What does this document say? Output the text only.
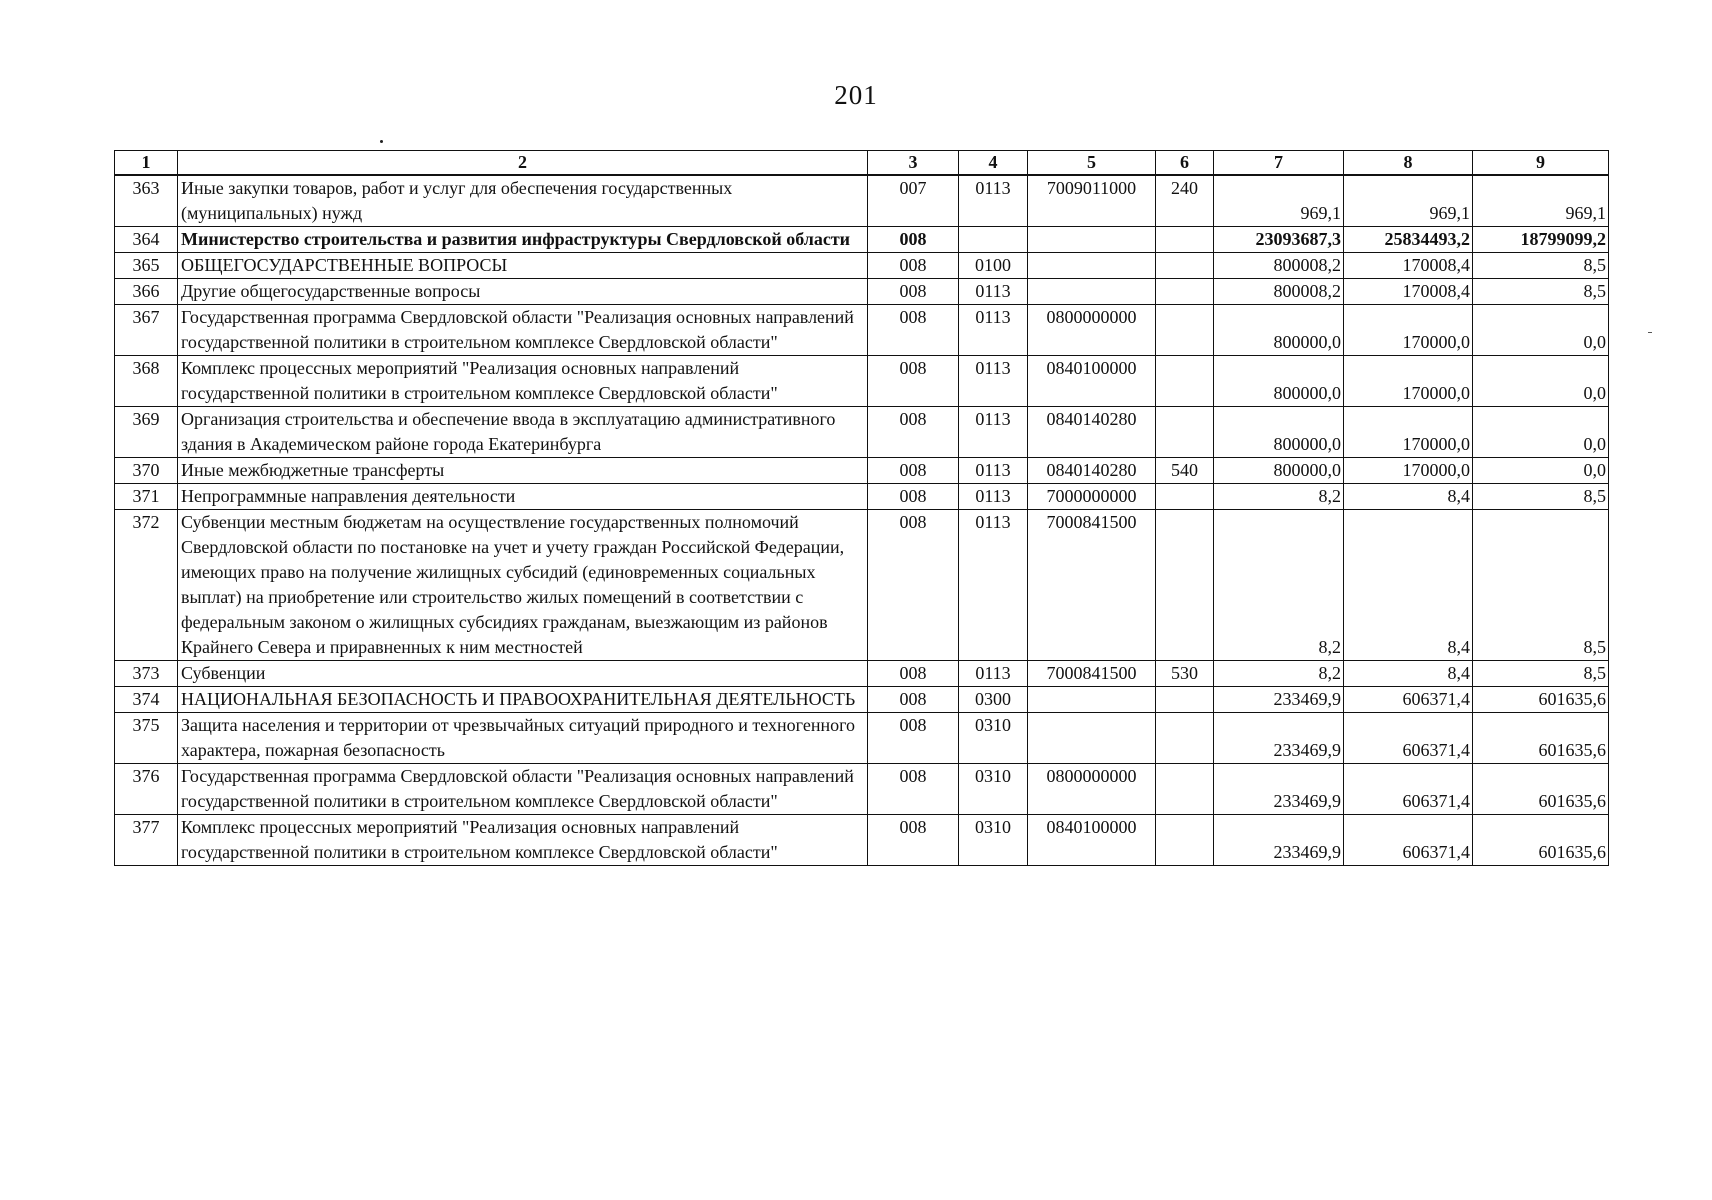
201
1	2	3	4	5	6	7	8	9
363	Иные закупки товаров, работ и услуг для обеспечения государственных (муниципальных) нужд	007	0113	7009011000	240	969,1	969,1	969,1
364	Министерство строительства и развития инфраструктуры Свердловской области	008				23093687,3	25834493,2	18799099,2
365	ОБЩЕГОСУДАРСТВЕННЫЕ ВОПРОСЫ	008	0100			800008,2	170008,4	8,5
366	Другие общегосударственные вопросы	008	0113			800008,2	170008,4	8,5
367	Государственная программа Свердловской области "Реализация основных направлений государственной политики в строительном комплексе Свердловской области"	008	0113	0800000000		800000,0	170000,0	0,0
368	Комплекс процессных мероприятий "Реализация основных направлений государственной политики в строительном комплексе Свердловской области"	008	0113	0840100000		800000,0	170000,0	0,0
369	Организация строительства и обеспечение ввода в эксплуатацию административного здания в Академическом районе города Екатеринбурга	008	0113	0840140280		800000,0	170000,0	0,0
370	Иные межбюджетные трансферты	008	0113	0840140280	540	800000,0	170000,0	0,0
371	Непрограммные направления деятельности	008	0113	7000000000		8,2	8,4	8,5
372	Субвенции местным бюджетам на осуществление государственных полномочий Свердловской области по постановке на учет и учету граждан Российской Федерации, имеющих право на получение жилищных субсидий (единовременных социальных выплат) на приобретение или строительство жилых помещений в соответствии с федеральным законом о жилищных субсидиях гражданам, выезжающим из районов Крайнего Севера и приравненных к ним местностей	008	0113	7000841500		8,2	8,4	8,5
373	Субвенции	008	0113	7000841500	530	8,2	8,4	8,5
374	НАЦИОНАЛЬНАЯ БЕЗОПАСНОСТЬ И ПРАВООХРАНИТЕЛЬНАЯ ДЕЯТЕЛЬНОСТЬ	008	0300			233469,9	606371,4	601635,6
375	Защита населения и территории от чрезвычайных ситуаций природного и техногенного характера, пожарная безопасность	008	0310			233469,9	606371,4	601635,6
376	Государственная программа Свердловской области "Реализация основных направлений государственной политики в строительном комплексе Свердловской области"	008	0310	0800000000		233469,9	606371,4	601635,6
377	Комплекс процессных мероприятий "Реализация основных направлений государственной политики в строительном комплексе Свердловской области"	008	0310	0840100000		233469,9	606371,4	601635,6
